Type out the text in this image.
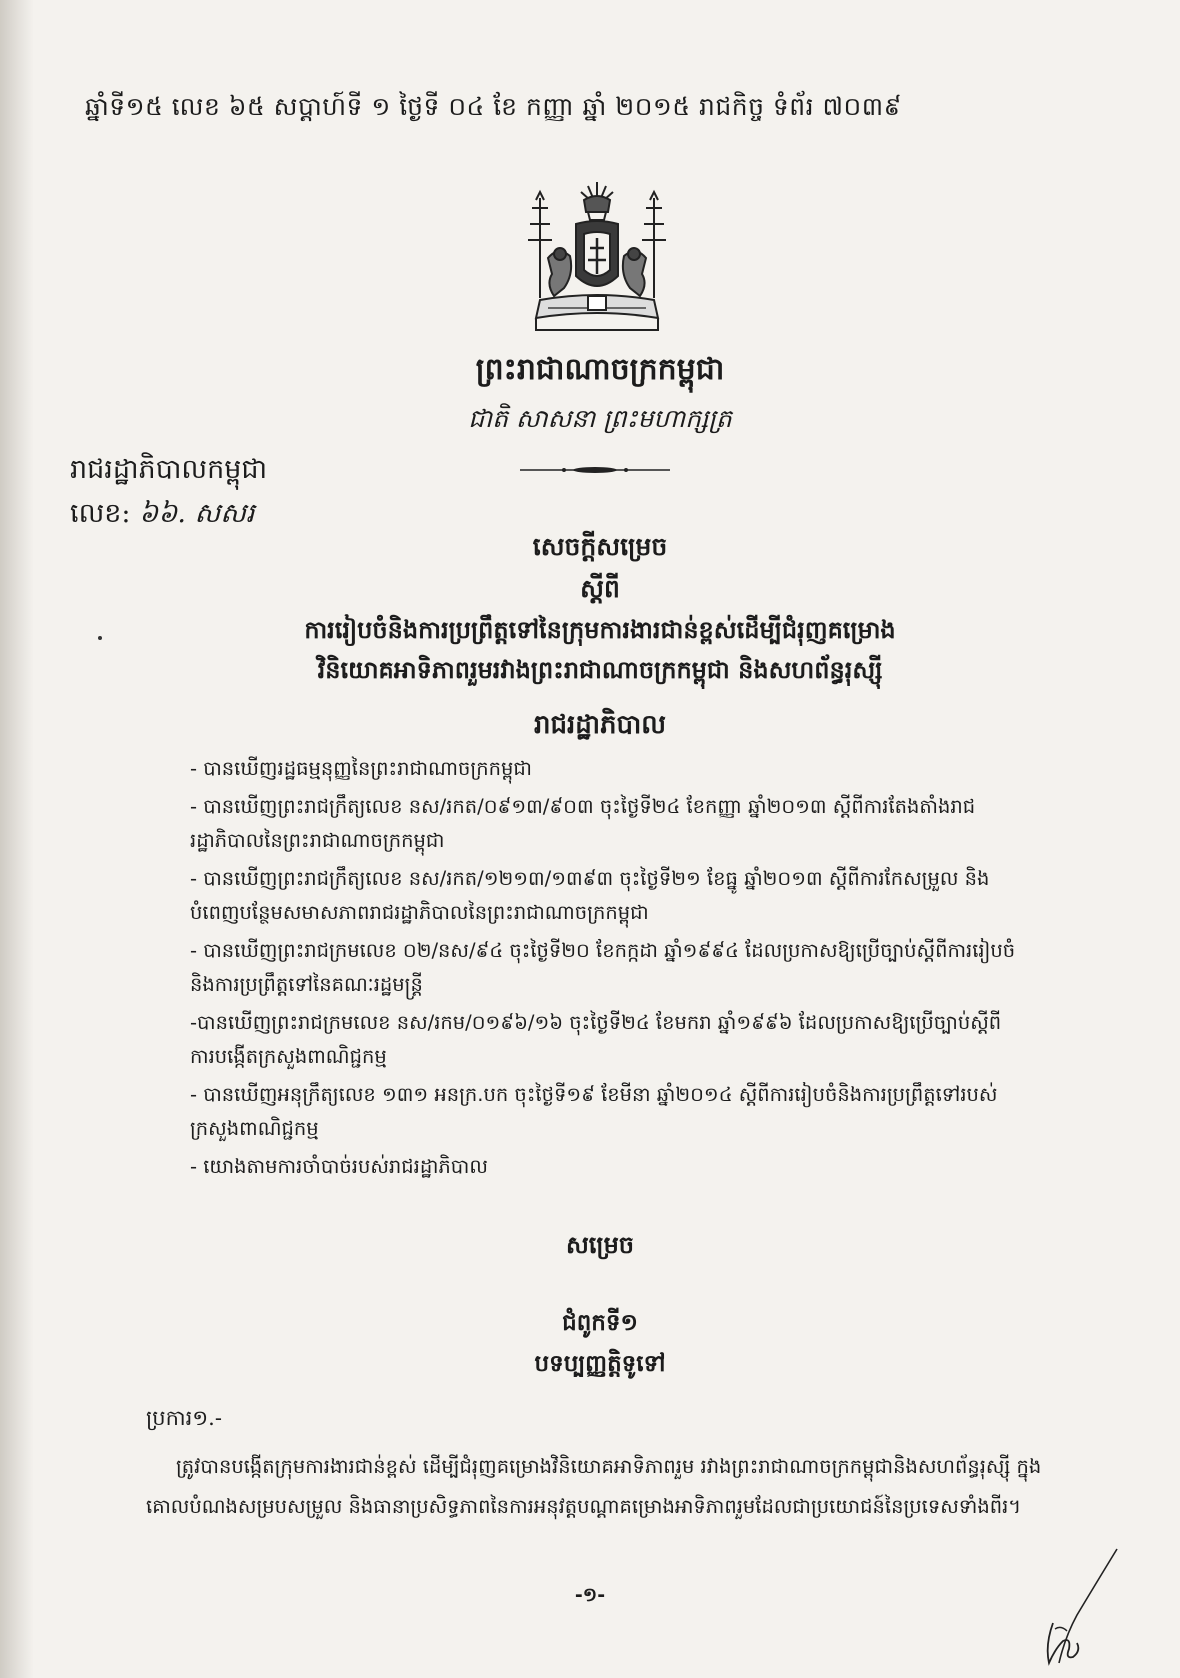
ឆ្នាំទី១៥ លេខ ៦៥ សប្តាហ៍ទី ១ ថ្ងៃទី ០៤ ខែ កញ្ញា ឆ្នាំ ២០១៥ រាជកិច្ច ទំព័រ ៧០៣៩
ព្រះរាជាណាចក្រកម្ពុជា
ជាតិ សាសនា ព្រះមហាក្សត្រ
រាជរដ្ឋាភិបាលកម្ពុជា
លេខ: ៦៦. សសរ
សេចក្តីសម្រេច
ស្តីពី
ការរៀបចំនិងការប្រព្រឹត្តទៅនៃក្រុមការងារជាន់ខ្ពស់ដើម្បីជំរុញគម្រោង
វិនិយោគអាទិភាពរួមរវាងព្រះរាជាណាចក្រកម្ពុជា និងសហព័ន្ធរុស្ស៊ី
រាជរដ្ឋាភិបាល
- បានឃើញរដ្ឋធម្មនុញ្ញនៃព្រះរាជាណាចក្រកម្ពុជា
- បានឃើញព្រះរាជក្រឹត្យលេខ នស/រកត/០៩១៣/៩០៣ ចុះថ្ងៃទី២៤ ខែកញ្ញា ឆ្នាំ២០១៣ ស្តីពីការតែងតាំងរាជរដ្ឋាភិបាលនៃព្រះរាជាណាចក្រកម្ពុជា
- បានឃើញព្រះរាជក្រឹត្យលេខ នស/រកត/១២១៣/១៣៩៣ ចុះថ្ងៃទី២១ ខែធ្នូ ឆ្នាំ២០១៣ ស្តីពីការកែសម្រួល និងបំពេញបន្ថែមសមាសភាពរាជរដ្ឋាភិបាលនៃព្រះរាជាណាចក្រកម្ពុជា
- បានឃើញព្រះរាជក្រមលេខ ០២/នស/៩៤ ចុះថ្ងៃទី២០ ខែកក្កដា ឆ្នាំ១៩៩៤ ដែលប្រកាសឱ្យប្រើច្បាប់ស្តីពីការរៀបចំនិងការប្រព្រឹត្តទៅនៃគណៈរដ្ឋមន្ត្រី
-បានឃើញព្រះរាជក្រមលេខ នស/រកម/០១៩៦/១៦ ចុះថ្ងៃទី២៤ ខែមករា ឆ្នាំ១៩៩៦ ដែលប្រកាសឱ្យប្រើច្បាប់ស្តីពីការបង្កើតក្រសួងពាណិជ្ជកម្ម
- បានឃើញអនុក្រឹត្យលេខ ១៣១ អនក្រ.បក ចុះថ្ងៃទី១៩ ខែមីនា ឆ្នាំ២០១៤ ស្តីពីការរៀបចំនិងការប្រព្រឹត្តទៅរបស់ក្រសួងពាណិជ្ជកម្ម
- យោងតាមការចាំបាច់របស់រាជរដ្ឋាភិបាល
សម្រេច
ជំពូកទី១
បទប្បញ្ញត្តិទូទៅ
ប្រការ១.-
ត្រូវបានបង្កើតក្រុមការងារជាន់ខ្ពស់ ដើម្បីជំរុញគម្រោងវិនិយោគអាទិភាពរួម រវាងព្រះរាជាណាចក្រកម្ពុជានិងសហព័ន្ធរុស្ស៊ី ក្នុងគោលបំណងសម្របសម្រួល និងធានាប្រសិទ្ធភាពនៃការអនុវត្តបណ្តាគម្រោងអាទិភាពរួមដែលជាប្រយោជន៍នៃប្រទេសទាំងពីរ។
-១-
